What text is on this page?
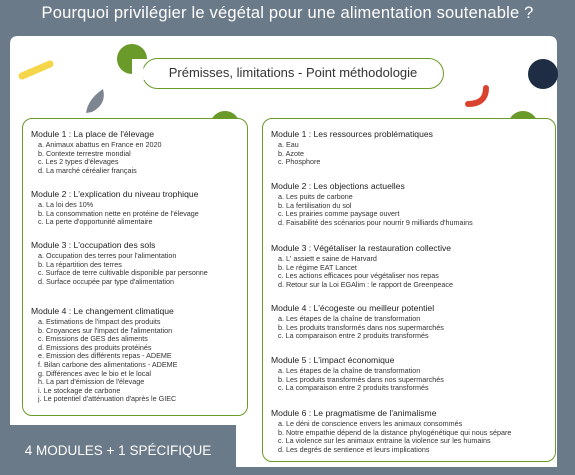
Pourquoi privilégier le végétal pour une alimentation soutenable ?
Prémisses, limitations - Point méthodologie
1
Module 1 : La place de l'élevage
a. Animaux abattus en France en 2020
b. Contexte terrestre mondial
c. Les 2 types d'élevages
d. La marché céréalier français
Module 2 : L'explication du niveau trophique
a. La loi des 10%
b. La consommation nette en protéine de l'élevage
c. La perte d'opportunité alimentaire
Module 3 : L'occupation des sols
a. Occupation des terres pour l'alimentation
b. La répartition des terres
c. Surface de terre cultivable disponible par personne
d. Surface occupée par type d'alimentation
Module 4 : Le changement climatique
a. Estimations de l'impact des produits
b. Croyances sur l'impact de l'alimentation
c. Emissions de GES des aliments
d. Emissions des produits protéinés
e. Emission des différents repas - ADEME
f. Bilan carbone des alimentations - ADEME
g. Différences avec le bio et le local
h. La part d'émission de l'élevage
i. Le stockage de carbone
j. Le potentiel d'atténuation d'après le GIEC
2	Module 1 : Les ressources problématiques
a. Eau
b. Azote
c. Phosphore
Module 2 : Les objections actuelles
a. Les puits de carbone
b. La fertilisation du sol
c. Les prairies comme paysage ouvert
d. Faisabilité des scénarios pour nourrir 9 milliards d'humains
Module 3 : Végétaliser la restauration collective
a. L' assiett e saine de Harvard
b. Le régime EAT Lancet
c. Les actions efficaces pour végétaliser nos repas
d. Retour sur la Loi EGAlim : le rapport de Greenpeace
Module 4 : L'écogeste ou meilleur potentiel
a. Les étapes de la chaîne de transformation
b. Les produits transformés dans nos supermarchés
c. La comparaison entre 2 produits transformés
Module 5 : L'impact économique
a. Les étapes de la chaîne de transformation
b. Les produits transformés dans nos supermarchés
c. La comparaison entre 2 produits transformés
Module 6 : Le pragmatisme de l'animalisme
a. Le déni de conscience envers les animaux consommés
b. Notre empathie dépend de la distance phylogénétique qui nous sépare
c. La violence sur les animaux entraine la violence sur les humains
d. Les degrés de sentience et leurs implications
3
4 MODULES + 1 SPÉCIFIQUE
